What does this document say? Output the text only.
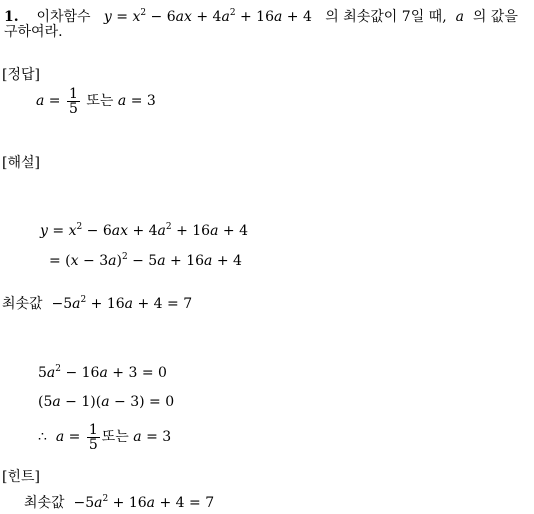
1. 이차함수 $y = x^2 - 6ax + 4a^2 + 16a + 4$ 의 최솟값이 7일 때, a 의 값을
구하여라.
[정답]
$a = \frac{1}{5}$ 또는 a = 3
[해설]
$y = x^2 - 6ax + 4a^2 + 16a + 4$
= $(x - 3a)^2 - 5a + 16a + 4$
최솟값  $-5a^2 + 16a + 4 = 7$
$5a^2 - 16a + 3 = 0$
(5a − 1)(a − 3) = 0
∴ $a = \frac{1}{5}$ 또는 a = 3
[힌트]
최솟값  $-5a^2 + 16a + 4 = 7$
